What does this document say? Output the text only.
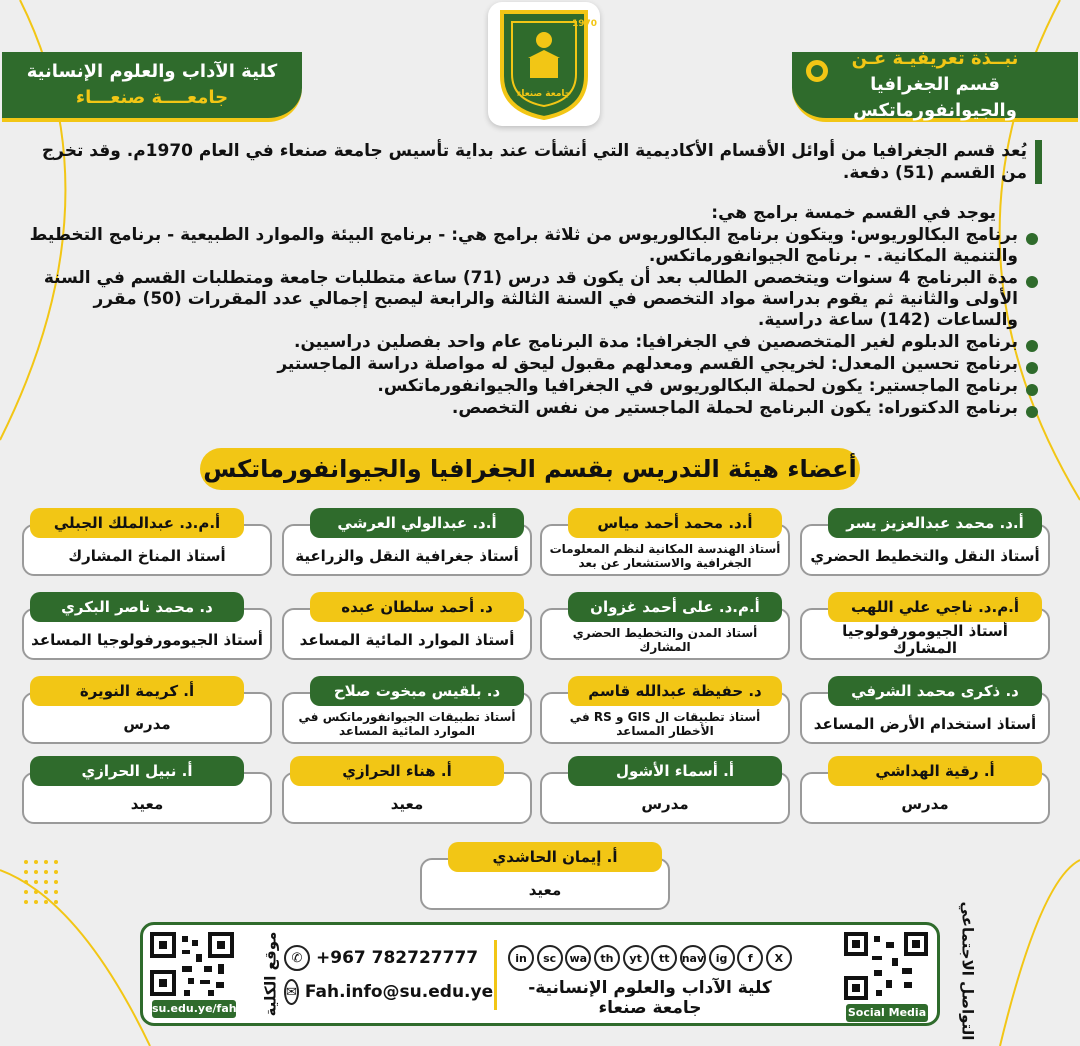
كلية الآداب والعلوم الإنسانية
جامعــــة صنعـــاء
نبــذة تعريفيـة عـن
قسم الجغرافيا والجيوانفورماتكس
1970
جامعة صنعاء
يُعد قسم الجغرافيا من أوائل الأقسام الأكاديمية التي أنشأت عند بداية تأسيس جامعة صنعاء في العام 1970م. وقد تخرج من القسم (51) دفعة.
يوجد في القسم خمسة برامج هي:
برنامج البكالوريوس: ويتكون برنامج البكالوريوس من ثلاثة برامج هي: - برنامج البيئة والموارد الطبيعية - برنامج التخطيط والتنمية المكانية. - برنامج الجيوانفورماتكس.
مدة البرنامج 4 سنوات ويتخصص الطالب بعد أن يكون قد درس (71) ساعة متطلبات جامعة ومتطلبات القسم في السنة الأولى والثانية ثم يقوم بدراسة مواد التخصص في السنة الثالثة والرابعة ليصبح إجمالي عدد المقررات (50) مقرر والساعات (142) ساعة دراسية.
برنامج الدبلوم لغير المتخصصين في الجغرافيا: مدة البرنامج عام واحد بفصلين دراسيين.
برنامج تحسين المعدل: لخريجي القسم ومعدلهم مقبول ليحق له مواصلة دراسة الماجستير
برنامج الماجستير: يكون لحملة البكالوريوس في الجغرافيا والجيوانفورماتكس.
برنامج الدكتوراه: يكون البرنامج لحملة الماجستير من نفس التخصص.
أعضاء هيئة التدريس بقسم الجغرافيا والجيوانفورماتكس
أستاذ النقل والتخطيط الحضري
أ.د. محمد عبدالعزيز يسر
أستاذ الهندسة المكانية لنظم المعلومات الجغرافية والاستشعار عن بعد
أ.د. محمد أحمد مياس
أستاذ جغرافية النقل والزراعية
أ.د. عبدالولي العرشي
أستاذ المناخ المشارك
أ.م.د. عبدالملك الجبلي
أستاذ الجيومورفولوجيا المشارك
أ.م.د. ناجي علي اللهب
أستاذ المدن والتخطيط الحضري المشارك
أ.م.د. على أحمد غزوان
أستاذ الموارد المائية المساعد
د. أحمد سلطان عبده
أستاذ الجيومورفولوجيا المساعد
د. محمد ناصر البكري
أستاذ استخدام الأرض المساعد
د. ذكرى محمد الشرفي
أستاذ تطبيقات ال GIS و RS في الأخطار المساعد
د. حفيظة عبدالله قاسم
أستاذ تطبيقات الجيوانفورماتكس في الموارد المائية المساعد
د. بلقيس مبخوت صلاح
مدرس
أ. كريمة النويرة
مدرس
أ. رقية الهداشي
مدرس
أ. أسماء الأشول
معيد
أ. هناء الحرازي
معيد
أ. نبيل الحرازي
معيد
أ. إيمان الحاشدي
su.edu.ye/fah موقع الكلية ✆ +967 782727777
✉ Fah.info@su.edu.ye
in	sc	wa	th	yt	tt	nav	ig	f	X
كلية الآداب والعلوم الإنسانية-جامعة صنعاء	Social Media التواصل الاجتماعي
